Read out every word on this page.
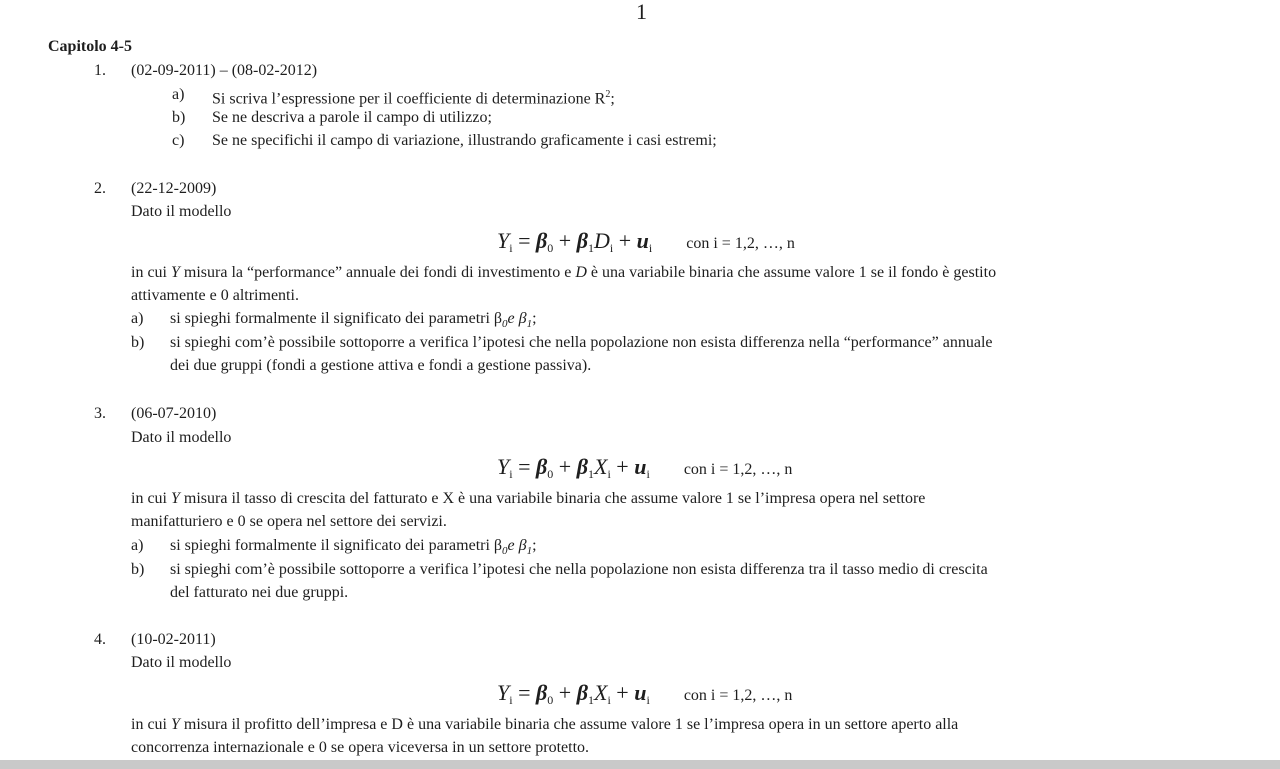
1
Capitolo 4-5
1. (02-09-2011) – (08-02-2012)
a) Si scriva l’espressione per il coefficiente di determinazione $R^2$;
b) Se ne descriva a parole il campo di utilizzo;
c) Se ne specifichi il campo di variazione, illustrando graficamente i casi estremi;
2. (22-12-2009)
Dato il modello
$Y_i = \beta_0 + \beta_1D_i + u_i$ con i = 1,2, …, n
in cui Y misura la “performance” annuale dei fondi di investimento e D è una variabile binaria che assume valore 1 se il fondo è gestito
attivamente e 0 altrimenti.
a) si spieghi formalmente il significato dei parametri $\beta_0e$ $\beta_1$;
b) si spieghi com’è possibile sottoporre a verifica l’ipotesi che nella popolazione non esista differenza nella “performance” annuale
dei due gruppi (fondi a gestione attiva e fondi a gestione passiva).
3. (06-07-2010)
Dato il modello
$Y_i = \beta_0 + \beta_1X_i + u_i$ con i = 1,2, …, n
in cui Y misura il tasso di crescita del fatturato e X è una variabile binaria che assume valore 1 se l’impresa opera nel settore
manifatturiero e 0 se opera nel settore dei servizi.
a) si spieghi formalmente il significato dei parametri $\beta_0e$ $\beta_1$;
b) si spieghi com’è possibile sottoporre a verifica l’ipotesi che nella popolazione non esista differenza tra il tasso medio di crescita
del fatturato nei due gruppi.
4. (10-02-2011)
Dato il modello
$Y_i = \beta_0 + \beta_1X_i + u_i$ con i = 1,2, …, n
in cui Y misura il profitto dell’impresa e D è una variabile binaria che assume valore 1 se l’impresa opera in un settore aperto alla
concorrenza internazionale e 0 se opera viceversa in un settore protetto.
